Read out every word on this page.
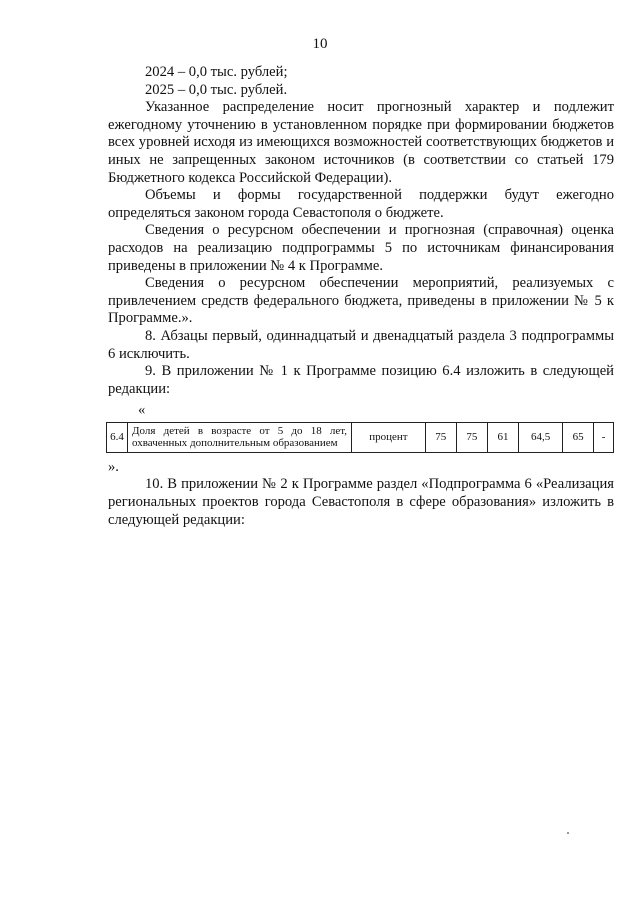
10

2024 – 0,0 тыс. рублей;

2025 – 0,0 тыс. рублей.

Указанное распределение носит прогнозный характер и подлежит ежегодному уточнению в установленном порядке при формировании бюджетов всех уровней исходя из имеющихся возможностей соответствующих бюджетов и иных не запрещенных законом источников (в соответствии со статьей 179 Бюджетного кодекса Российской Федерации).

Объемы и формы государственной поддержки будут ежегодно определяться законом города Севастополя о бюджете.

Сведения о ресурсном обеспечении и прогнозная (справочная) оценка расходов на реализацию подпрограммы 5 по источникам финансирования приведены в приложении № 4 к Программе.

Сведения о ресурсном обеспечении мероприятий, реализуемых с привлечением средств федерального бюджета, приведены в приложении № 5 к Программе.».

8. Абзацы первый, одиннадцатый и двенадцатый раздела 3 подпрограммы 6 исключить.

9. В приложении № 1 к Программе позицию 6.4 изложить в следующей редакции:

«

6.4	Доля детей в возрасте от 5 до 18 лет, охваченных дополнительным образованием	процент	75	75	61	64,5	65	-

».

10. В приложении № 2 к Программе раздел «Подпрограмма 6 «Реализация региональных проектов города Севастополя в сфере образования» изложить в следующей редакции:
